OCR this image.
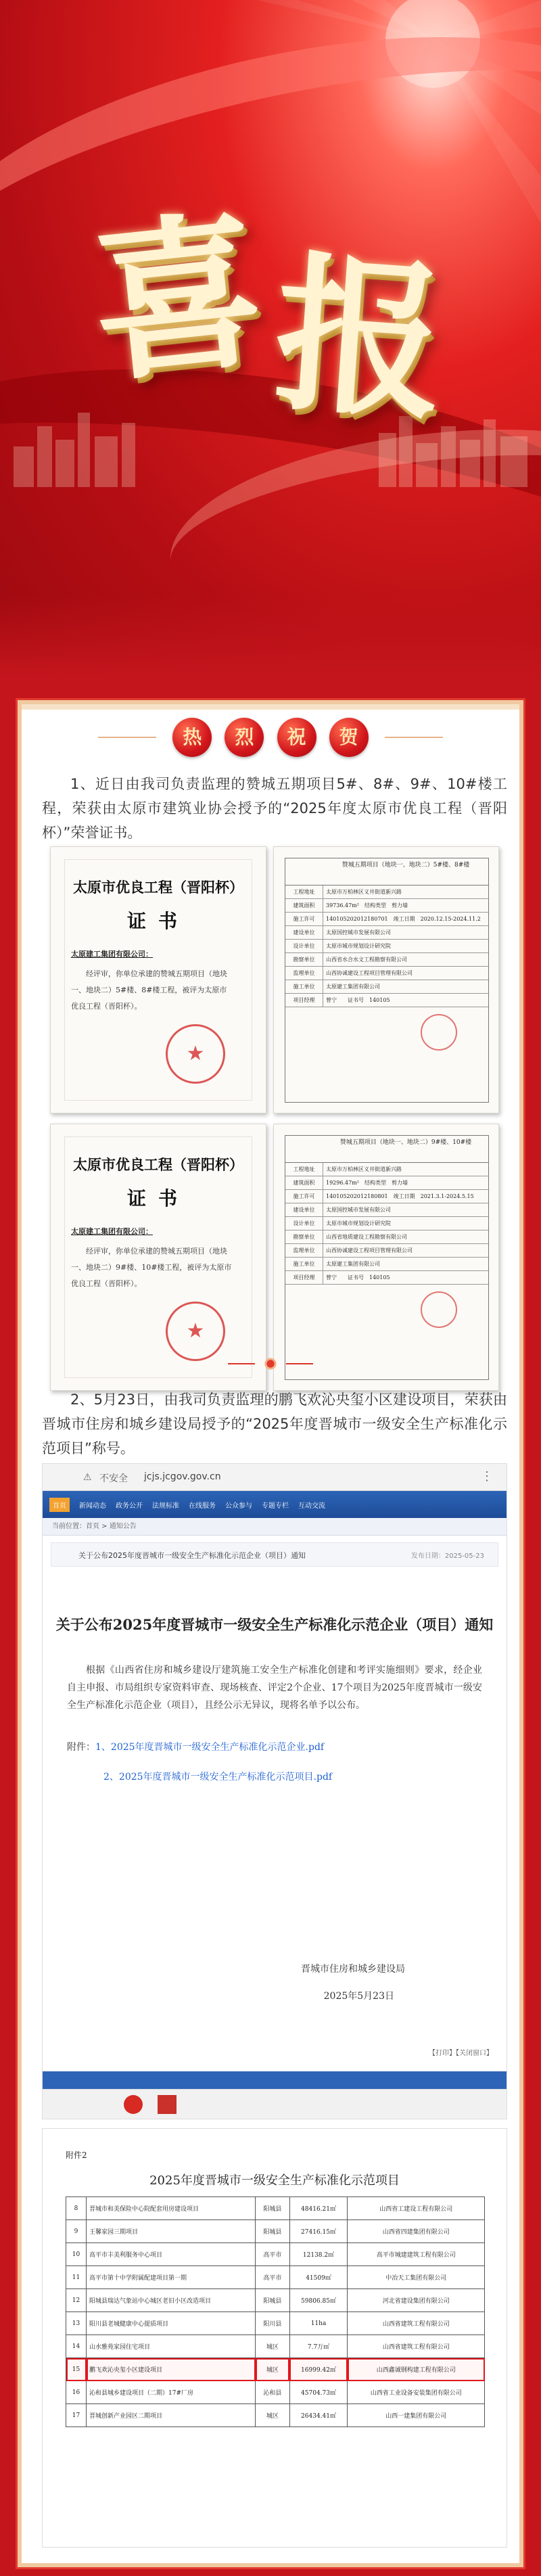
喜报
热 烈 祝 贺

1、近日由我司负责监理的赞城五期项目5#、8#、9#、10#楼工程，荣获由太原市建筑业协会授予的“2025年度太原市优良工程（晋阳杯）”荣誉证书。

太原市优良工程（晋阳杯）
证书
太原建工集团有限公司：
经评审，你单位承建的赞城五期项目（地块一、地块二）5#楼、8#楼工程，被评为太原市优良工程（晋阳杯）。
★
赞城五期项目（地块一、地块二）5#楼、8#楼
工程地址	太原市万柏林区义井街道新兴路
建筑面积	39736.47m²　结构类型　剪力墙
施工许可	140105202012180701　竣工日期　2020.12.15-2024.11.2
建设单位	太原国控城市发展有限公司
设计单位	太原市城市规划设计研究院
勘察单位	山西省水合水文工程勘察有限公司
监理单位	山西协诚建设工程项目管理有限公司
施工单位	太原建工集团有限公司
项目经理	曾宁　　证书号　140105
太原市优良工程（晋阳杯）
证书
太原建工集团有限公司：
经评审，你单位承建的赞城五期项目（地块一、地块二）9#楼、10#楼工程，被评为太原市优良工程（晋阳杯）。
★
赞城五期项目（地块一、地块二）9#楼、10#楼
工程地址	太原市万柏林区义井街道新兴路
建筑面积	19296.47m²　结构类型　剪力墙
施工许可	140105202012180801　竣工日期　2021.3.1-2024.5.15
建设单位	太原国控城市发展有限公司
设计单位	太原市城市规划设计研究院
勘察单位	山西省地质建设工程勘察有限公司
监理单位	山西协诚建设工程项目管理有限公司
施工单位	太原建工集团有限公司
项目经理	曾宁　　证书号　140105

2、5月23日，由我司负责监理的鹏飞欢沁央玺小区建设项目，荣获由晋城市住房和城乡建设局授予的“2025年度晋城市一级安全生产标准化示范项目”称号。

⚠ 不安全 jcjs.jcgov.gov.cn	⋮
首页	新闻动态 政务公开 法规标准 在线服务 公众参与 专题专栏 互动交流
当前位置：首页 > 通知公告
关于公布2025年度晋城市一级安全生产标准化示范企业（项目）通知	发布日期：2025-05-23
关于公布2025年度晋城市一级安全生产标准化示范企业（项目）通知
根据《山西省住房和城乡建设厅建筑施工安全生产标准化创建和考评实施细则》要求，经企业自主申报、市局组织专家资料审查、现场核查、评定2个企业、17个项目为2025年度晋城市一级安全生产标准化示范企业（项目），且经公示无异议，现将名单予以公布。
附件：1、2025年度晋城市一级安全生产标准化示范企业.pdf
2、2025年度晋城市一级安全生产标准化示范项目.pdf
晋城市住房和城乡建设局
2025年5月23日
【打印】【关闭窗口】
附件2
2025年度晋城市一级安全生产标准化示范项目
8	晋城市和美保险中心院配套用房建设项目	阳城县	48416.21㎡	山西省工建设工程有限公司
9	王馨家园三期项目	阳城县	27416.15㎡	山西省四建集团有限公司
10	高平市丰美利服务中心项目	高平市	12138.2㎡	高平市城建建筑工程有限公司
11	高平市第十中学附属配建项目第一期	高平市	41509㎡	中冶天工集团有限公司
12	阳城县瑞达气象站中心城区老旧小区改造项目	阳城县	59806.85㎡	河北省建设集团有限公司
13	阳川县老城健康中心提质项目	阳川县	11ha	山西省建筑工程有限公司
14	山水雅苑家园住宅项目	城区	7.7万㎡	山西省建筑工程有限公司
15	鹏飞欢沁央玺小区建设项目	城区	16999.42㎡	山西鑫诚钢构建工程有限公司
16	沁和县城乡建设项目（二期）17#厂房	沁和县	45704.73㎡	山西省工业设备安装集团有限公司
17	晋城创新产业园区二期项目	城区	26434.41㎡	山西一建集团有限公司
